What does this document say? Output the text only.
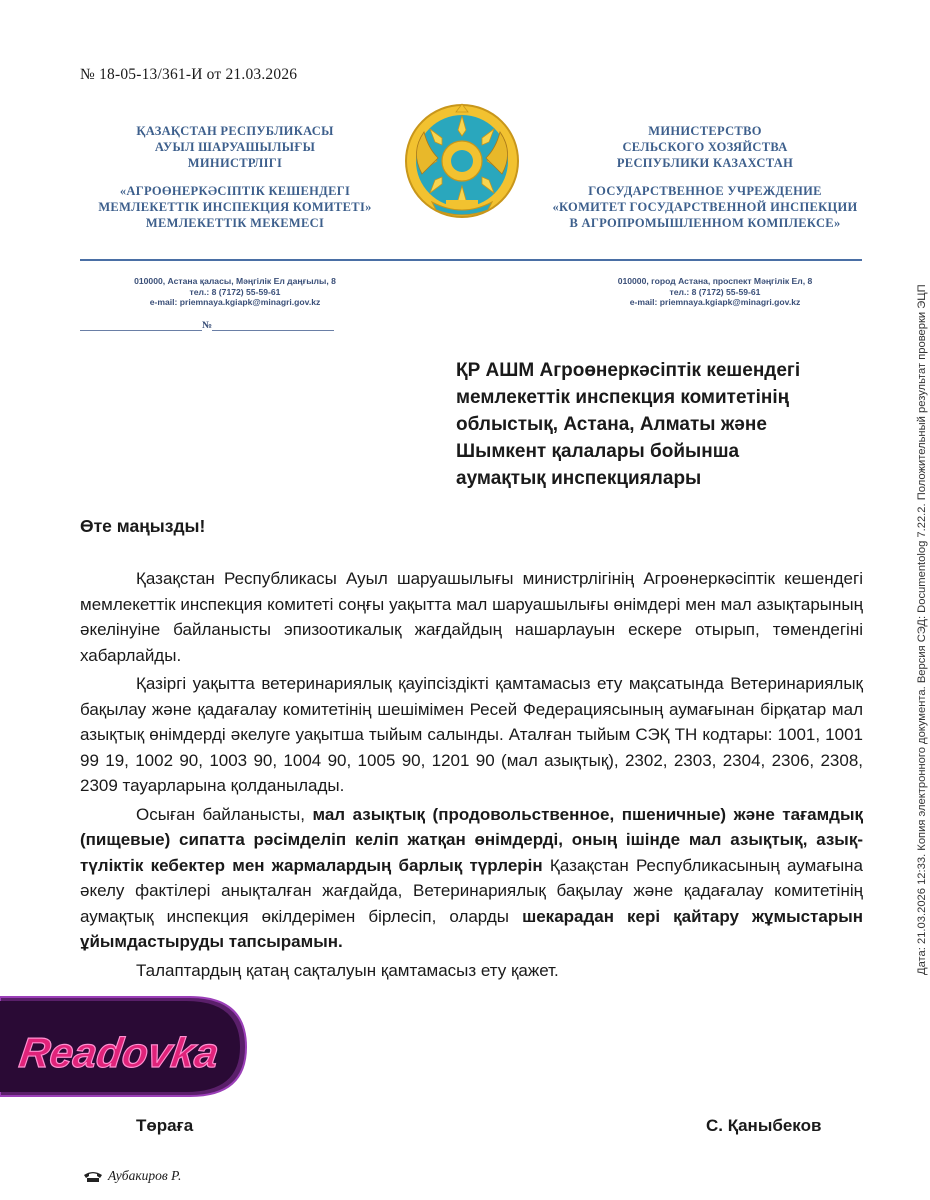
№ 18-05-13/361-И от 21.03.2026
ҚАЗАҚСТАН РЕСПУБЛИКАСЫ
АУЫЛ ШАРУАШЫЛЫҒЫ
МИНИСТРЛІГІ
«АГРОӨНЕРКӘСІПТІК КЕШЕНДЕГІ
МЕМЛЕКЕТТІК ИНСПЕКЦИЯ КОМИТЕТІ»
МЕМЛЕКЕТТІК МЕКЕМЕСІ
МИНИСТЕРСТВО
СЕЛЬСКОГО ХОЗЯЙСТВА
РЕСПУБЛИКИ КАЗАХСТАН
ГОСУДАРСТВЕННОЕ УЧРЕЖДЕНИЕ
«КОМИТЕТ ГОСУДАРСТВЕННОЙ ИНСПЕКЦИИ
В АГРОПРОМЫШЛЕННОМ КОМПЛЕКСЕ»
010000, Астана қаласы, Мәңгілік Ел даңғылы, 8
тел.: 8 (7172) 55-59-61
e-mail: priemnaya.kgiapk@minagri.gov.kz
010000, город Астана, проспект Мәңгілік Ел, 8
тел.: 8 (7172) 55-59-61
e-mail: priemnaya.kgiapk@minagri.gov.kz
№
ҚР АШМ Агроөнеркәсіптік кешендегі
мемлекеттік инспекция комитетінің
облыстық, Астана, Алматы және
Шымкент қалалары бойынша
аумақтық инспекциялары
Өте маңызды!

Қазақстан Республикасы Ауыл шаруашылығы министрлігінің Агроөнеркәсіптік кешендегі мемлекеттік инспекция комитеті соңғы уақытта мал шаруашылығы өнімдері мен мал азықтарының әкелінуіне байланысты эпизоотикалық жағдайдың нашарлауын ескере отырып, төмендегіні хабарлайды.

Қазіргі уақытта ветеринариялық қауіпсіздікті қамтамасыз ету мақсатында Ветеринариялық бақылау және қадағалау комитетінің шешімімен Ресей Федерациясының аумағынан бірқатар мал азықтық өнімдерді әкелуге уақытша тыйым салынды. Аталған тыйым СЭҚ ТН кодтары: 1001, 1001 99 19, 1002 90, 1003 90, 1004 90, 1005 90, 1201 90 (мал азықтық), 2302, 2303, 2304, 2306, 2308, 2309 тауарларына қолданылады.

Осыған байланысты, мал азықтық (продовольственное, пшеничные) және тағамдық (пищевые) сипатта рәсімделіп келіп жатқан өнімдерді, оның ішінде мал азықтық, азық-түліктік кебектер мен жармалардың барлық түрлерін Қазақстан Республикасының аумағына әкелу фактілері анықталған жағдайда, Ветеринариялық бақылау және қадағалау комитетінің аумақтық инспекция өкілдерімен бірлесіп, оларды шекарадан кері қайтару жұмыстарын ұйымдастыруды тапсырамын.

Талаптардың қатаң сақталуын қамтамасыз ету қажет.

Төраға	С. Қаныбеков
Аубакиров Р.
Дата: 21.03.2026 12:33. Копия электронного документа. Версия СЭД: Documentolog 7.22.2. Положительный результат проверки ЭЦП
Readovka
